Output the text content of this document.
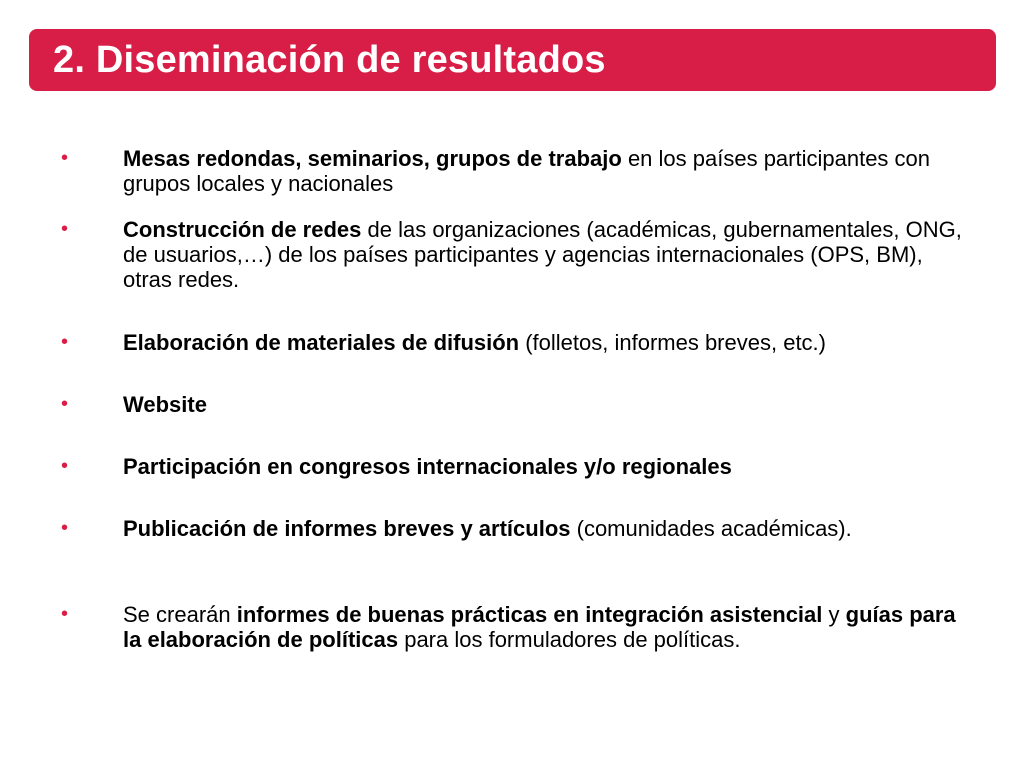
2. Diseminación de resultados
• Mesas redondas, seminarios, grupos de trabajo en los países participantes con grupos locales y nacionales
• Construcción de redes de las organizaciones (académicas, gubernamentales, ONG, de usuarios,…) de los países participantes y agencias internacionales (OPS, BM), otras redes.
• Elaboración de materiales de difusión (folletos, informes breves, etc.)
• Website
• Participación en congresos internacionales y/o regionales
• Publicación de informes breves y artículos (comunidades académicas).
• Se crearán informes de buenas prácticas en integración asistencial y guías para la elaboración de políticas para los formuladores de políticas.
